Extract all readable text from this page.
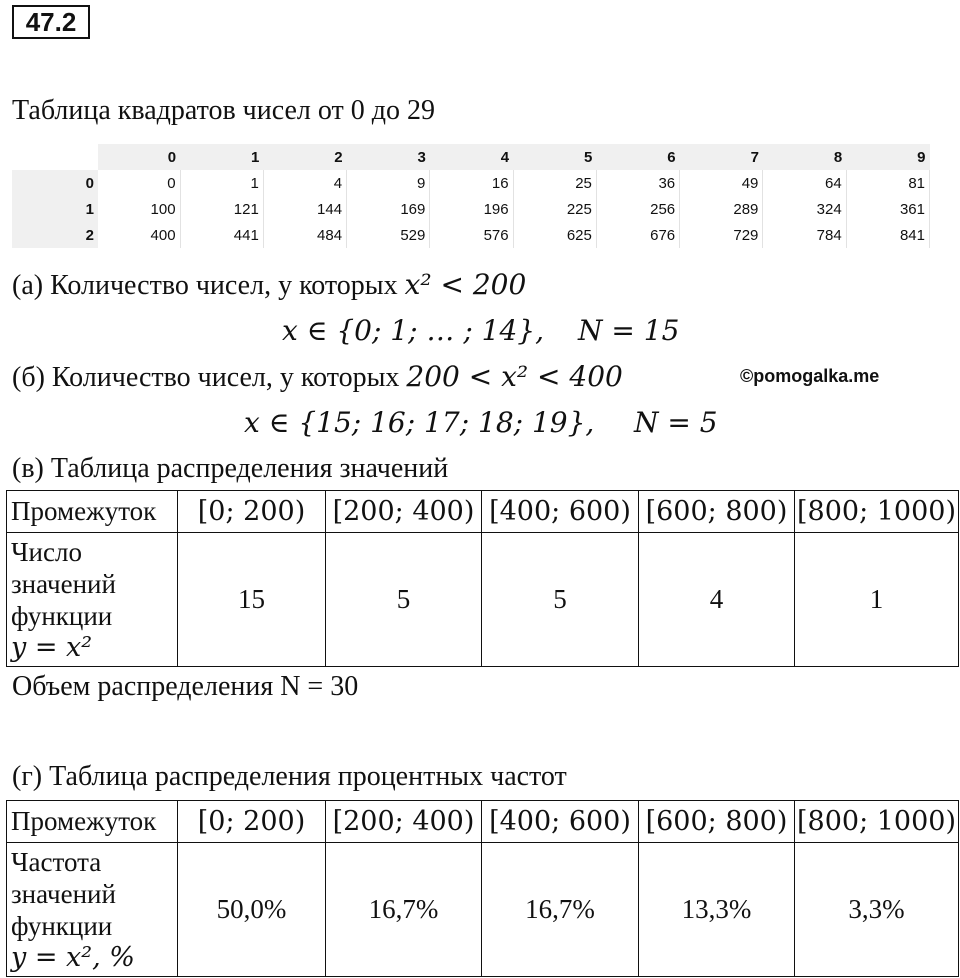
47.2
Таблица квадратов чисел от 0 до 29
	0	1	2	3	4	5	6	7	8	9
0	0	1	4	9	16	25	36	49	64	81
1	100	121	144	169	196	225	256	289	324	361
2	400	441	484	529	576	625	676	729	784	841
(а) Количество чисел, у которых x² < 200
x ∈ {0; 1; … ; 14}, N = 15
(б) Количество чисел, у которых 200 < x² < 400	©pomogalka.me
x ∈ {15; 16; 17; 18; 19}, N = 5
(в) Таблица распределения значений
Промежуток	[0; 200)	[200; 400)	[400; 600)	[600; 800)	[800; 1000)

Число
значений
функции
y = x²	15	5	5	4	1
Объем распределения N = 30
(г) Таблица распределения процентных частот
Промежуток	[0; 200)	[200; 400)	[400; 600)	[600; 800)	[800; 1000)

Частота
значений
функции
y = x², %	50,0%	16,7%	16,7%	13,3%	3,3%
